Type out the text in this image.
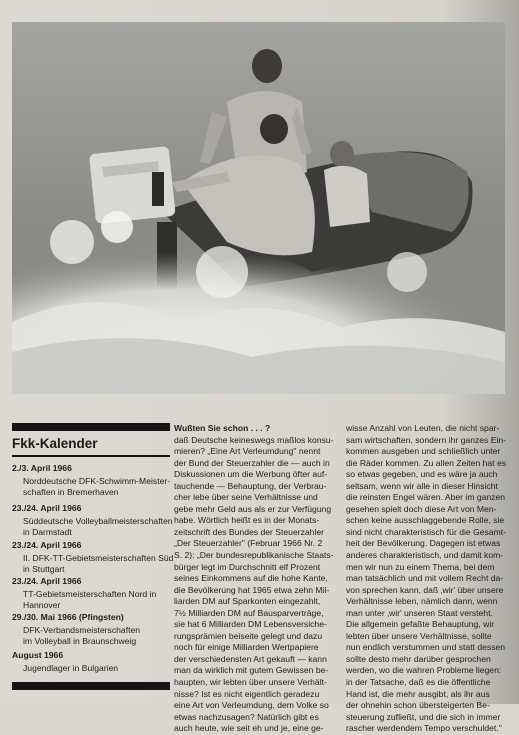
Fkk-Kalender
2./3. April 1966
Norddeutsche DFK-Schwimm-Meister-
schaften in Bremerhaven
23./24. April 1966
Süddeutsche Volleyballmeisterschaften
in Darmstadt
23./24. April 1966
II. DFK-TT-Gebietsmeisterschaften Süd
in Stuttgart
23./24. April 1966
TT-Gebietsmeisterschaften Nord in
Hannover
29./30. Mai 1966 (Pfingsten)
DFK-Verbandsmeisterschaften
im Volleyball in Braunschweig
August 1966
Jugendlager in Bulgarien

Wußten Sie schon . . . ?

daß Deutsche keineswegs maßlos konsu-

mieren? „Eine Art Verleumdung" nennt

der Bund der Steuerzahler die — auch in

Diskussionen um die Werbung öfter auf-

tauchende — Behauptung, der Verbrau-

cher lebe über seine Verhältnisse und

gebe mehr Geld aus als er zur Verfügung

habe. Wörtlich heißt es in der Monats-

zeitschrift des Bundes der Steuerzahler

„Der Steuerzahler" (Februar 1966 Nr. 2

S. 2): „Der bundesrepublikanische Staats-

bürger legt im Durchschnitt elf Prozent

seines Einkommens auf die hohe Kante,

die Bevölkerung hat 1965 etwa zehn Mil-

liarden DM auf Sparkonten eingezahlt,

7½ Milliarden DM auf Bausparverträge,

sie hat 6 Milliarden DM Lebensversiche-

rungsprämien beiseite gelegt und dazu

noch für einige Milliarden Wertpapiere

der verschiedensten Art gekauft — kann

man da wirklich mit gutem Gewissen be-

haupten, wir lebten über unsere Verhält-

nisse? Ist es nicht eigentlich geradezu

eine Art von Verleumdung, dem Volke so

etwas nachzusagen? Natürlich gibt es

auch heute, wie seit eh und je, eine ge-

wisse Anzahl von Leuten, die nicht spar-

sam wirtschaften, sondern ihr ganzes Ein-

kommen ausgeben und schließlich unter

die Räder kommen. Zu allen Zeiten hat es

so etwas gegeben, und es wäre ja auch

seltsam, wenn wir alle in dieser Hinsicht

die reinsten Engel wären. Aber im ganzen

gesehen spielt doch diese Art von Men-

schen keine ausschlaggebende Rolle, sie

sind nicht charakteristisch für die Gesamt-

heit der Bevölkerung. Dagegen ist etwas

anderes charakteristisch, und damit kom-

men wir nun zu einem Thema, bei dem

man tatsächlich und mit vollem Recht da-

von sprechen kann, daß ‚wir' über unsere

Verhältnisse leben, nämlich dann, wenn

man unter ‚wir' unseren Staat versteht.

Die allgemein gefaßte Behauptung, wir

lebten über unsere Verhältnisse, sollte

nun endlich verstummen und statt dessen

sollte desto mehr darüber gesprochen

werden, wo die wahren Probleme liegen:

in der Tatsache, daß es die öffentliche

Hand ist, die mehr ausgibt, als ihr aus

der ohnehin schon übersteigerten Be-

steuerung zufließt, und die sich in immer

rascher werdendem Tempo verschuldet."
